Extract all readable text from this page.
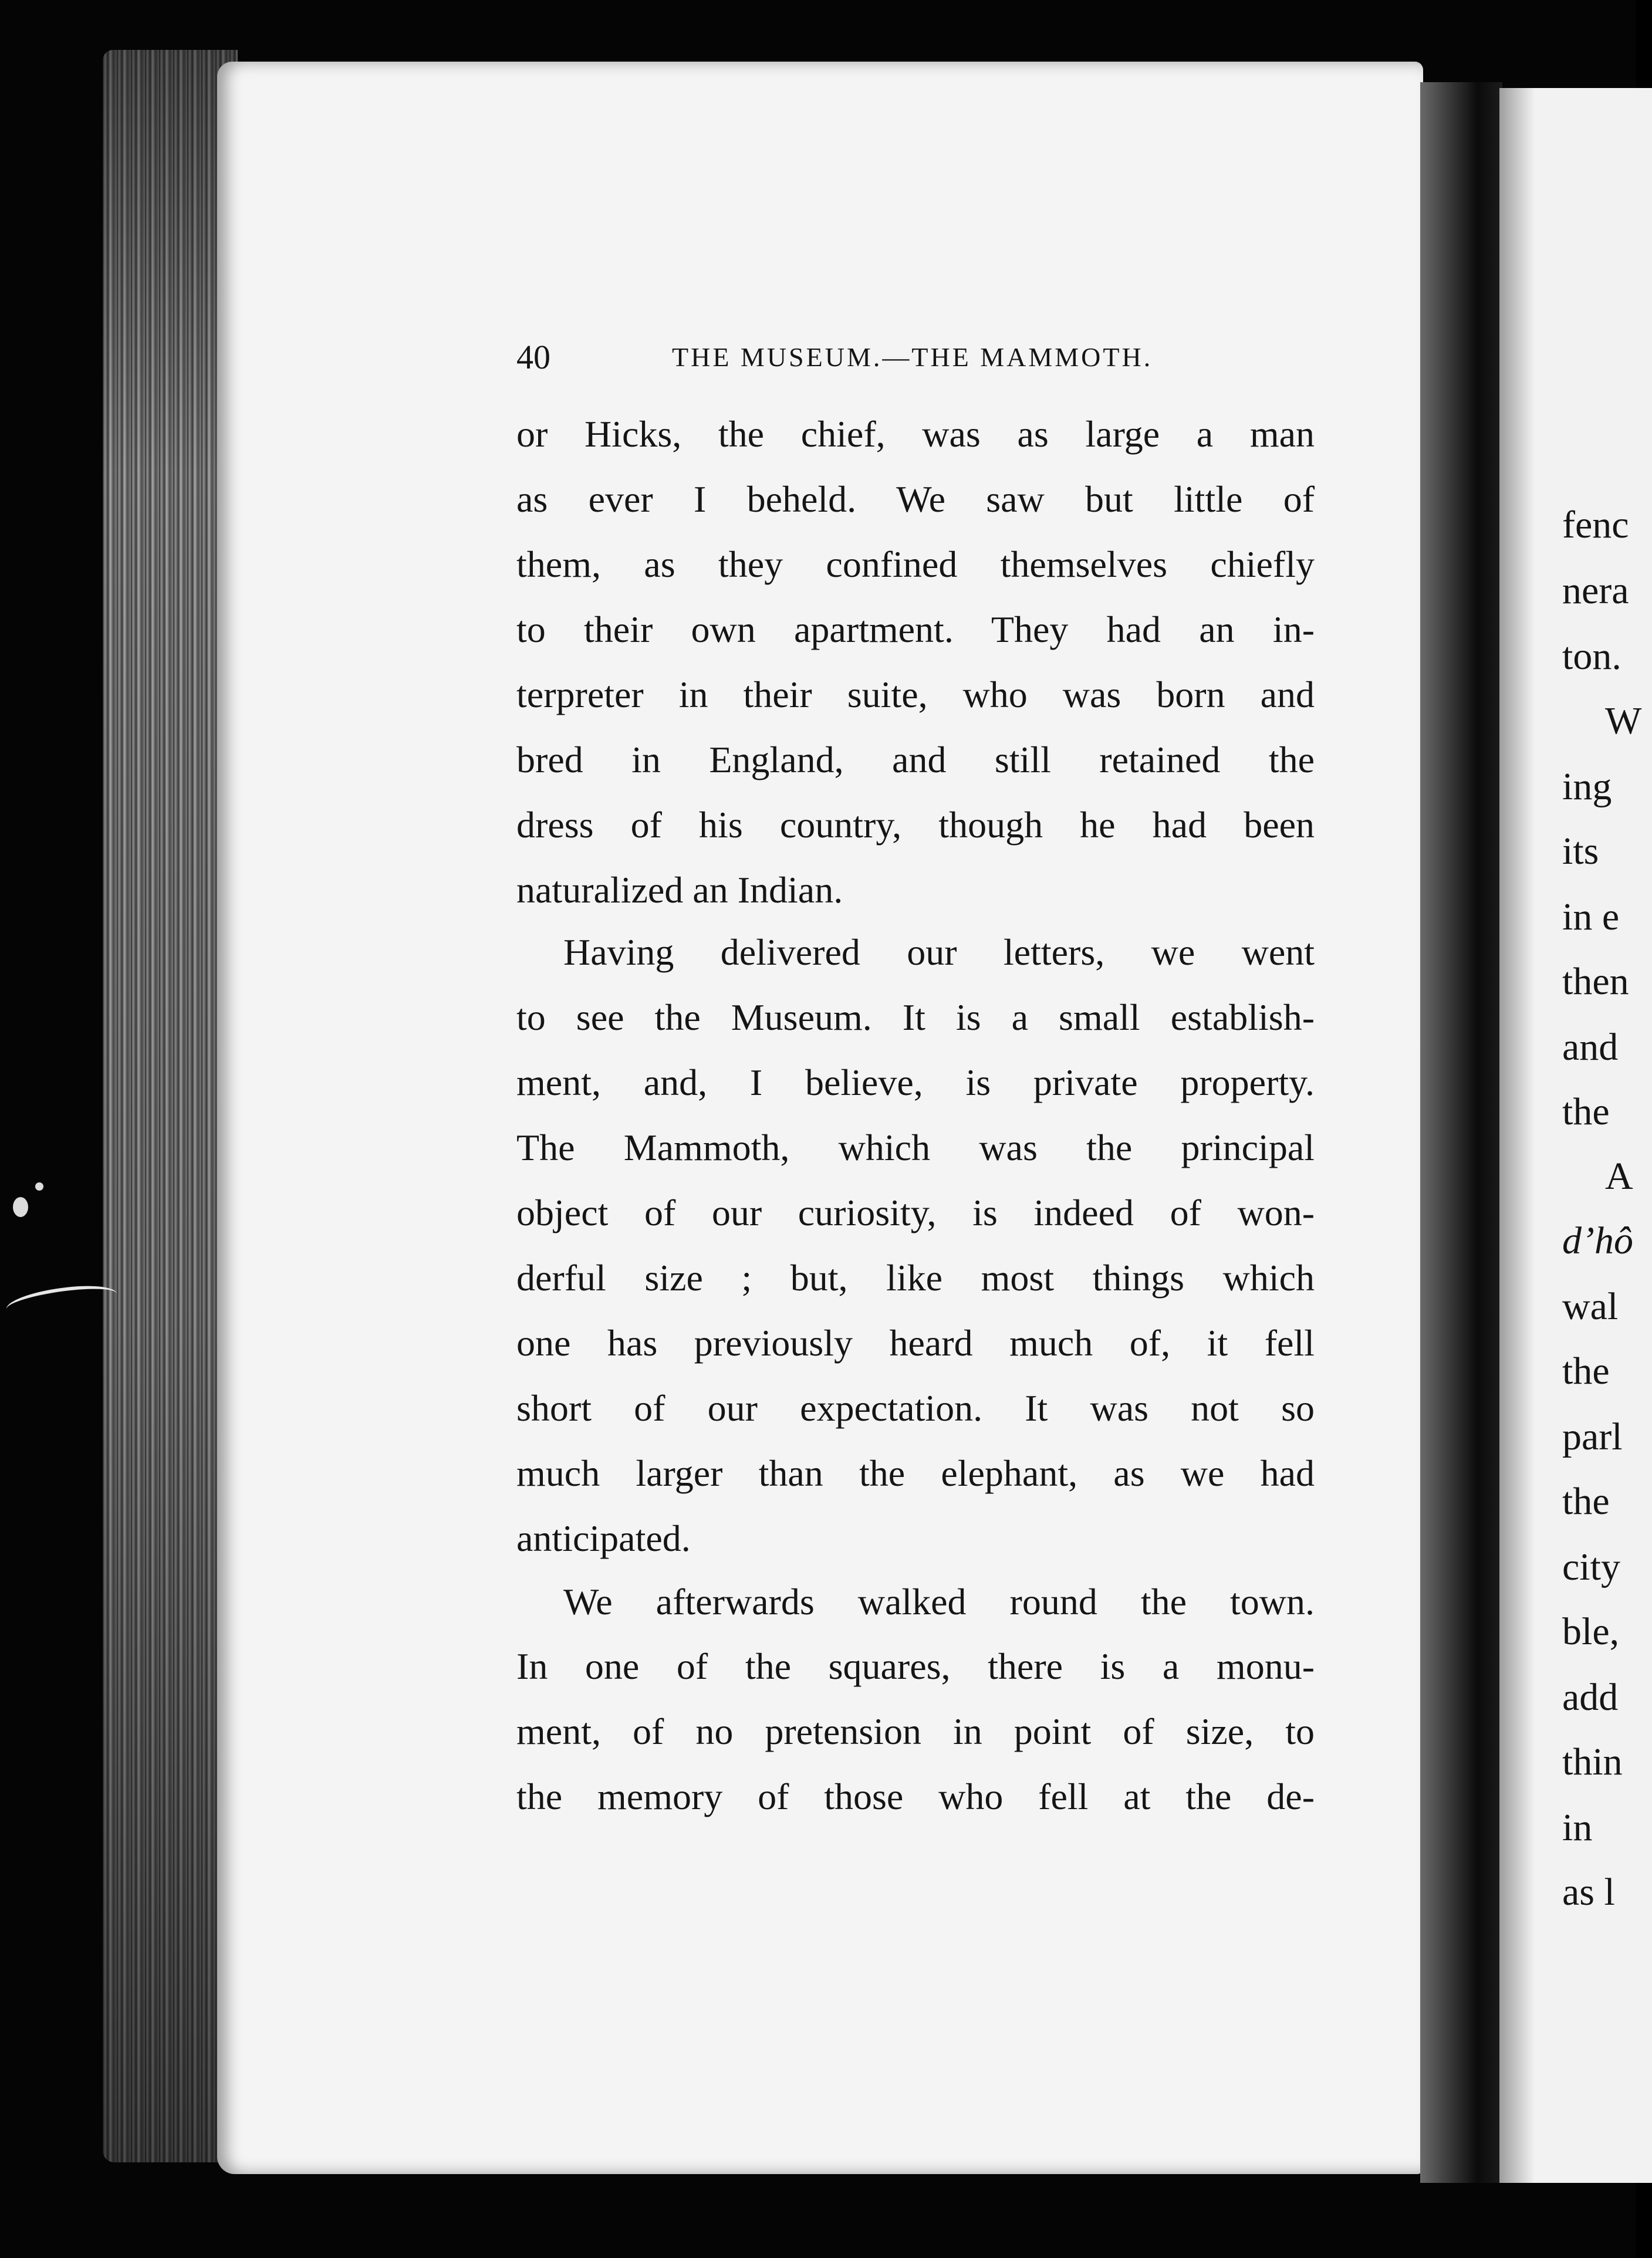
fenc
nera
ton.
W
ing
its
in e
then
and
the
A
d’hô
wal
the
parl
the
city
ble,
add
thin
in
as l
40	THE MUSEUM.—THE MAMMOTH.
or Hicks, the chief, was as large a man
as ever I beheld. We saw but little of
them, as they confined themselves chiefly
to their own apartment. They had an in-
terpreter in their suite, who was born and
bred in England, and still retained the
dress of his country, though he had been
naturalized an Indian.
Having delivered our letters, we went
to see the Museum. It is a small establish-
ment, and, I believe, is private property.
The Mammoth, which was the principal
object of our curiosity, is indeed of won-
derful size ; but, like most things which
one has previously heard much of, it fell
short of our expectation. It was not so
much larger than the elephant, as we had
anticipated.
We afterwards walked round the town.
In one of the squares, there is a monu-
ment, of no pretension in point of size, to
the memory of those who fell at the de-
